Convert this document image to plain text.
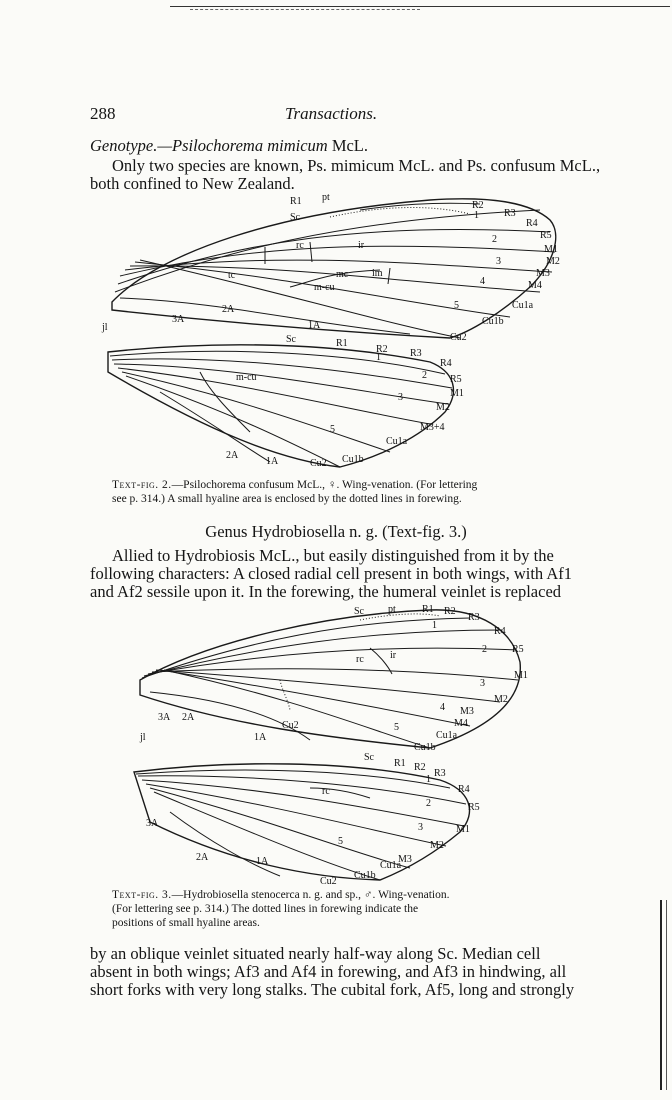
288	Transactions.
Genotype.—Psilochorema mimicum McL.
Only two species are known, Ps. mimicum McL. and Ps. confusum McL.,
both confined to New Zealand.
R1 pt
R2
R3
R4
R5
M1
M2
M3
M4
Cu1a
Cu1b
Cu2
Sc
rc	ir
mc im
tc
m-cu
1
2
3
4
5
1A
2A
3A
jl
Sc	R1
R2 R3
R4
R5
M1
M2
M3+4
Cu1a
Cu1b
Cu2
1A
2A
m-cu
1
2
3
5
Text-fig. 2.—Psilochorema confusum McL., ♀. Wing-venation. (For lettering
see p. 314.) A small hyaline area is enclosed by the dotted lines in forewing.
Genus Hydrobiosella n. g. (Text-fig. 3.)
Allied to Hydrobiosis McL., but easily distinguished from it by the
following characters: A closed radial cell present in both wings, with Af1
and Af2 sessile upon it. In the forewing, the humeral veinlet is replaced
Sc pt	R1 R2
R3
R4
R5
M1
M2
M3
M4
Cu1a
Cu1b
Cu2
rc	ir
1
2
3
4
5
1A
2A
3A
jl
Sc
R1 R2
R3
R4
R5
M1
M2
M3
Cu1a
Cu1b
Cu2
1A
2A
3A
rc
1
2
3
5
Text-fig. 3.—Hydrobiosella stenocerca n. g. and sp., ♂. Wing-venation.
(For lettering see p. 314.) The dotted lines in forewing indicate the
positions of small hyaline areas.
by an oblique veinlet situated nearly half-way along Sc. Median cell
absent in both wings; Af3 and Af4 in forewing, and Af3 in hindwing, all
short forks with very long stalks. The cubital fork, Af5, long and strongly
